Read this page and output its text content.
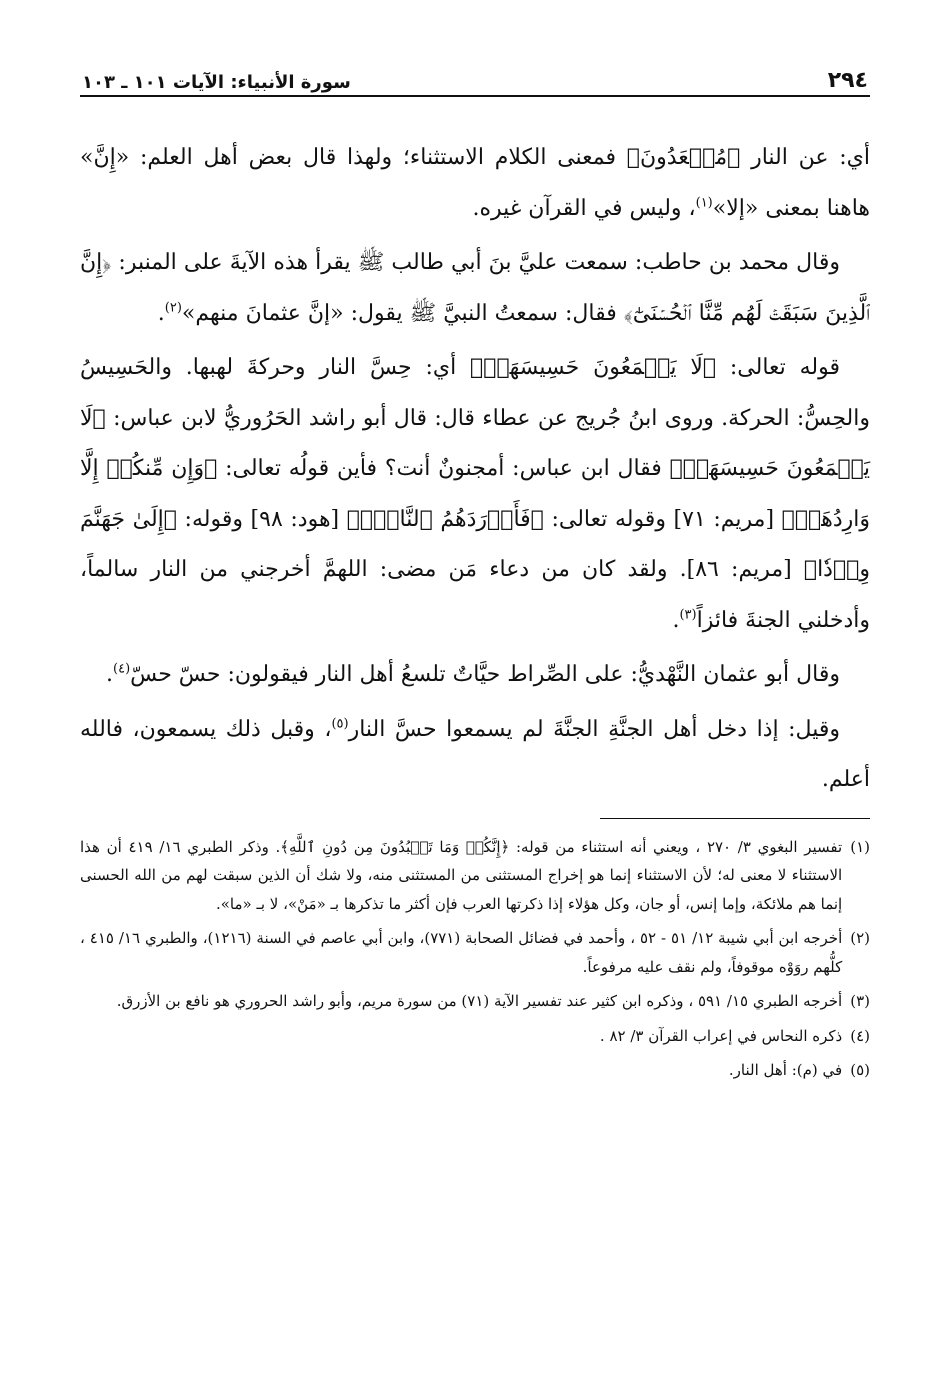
٢٩٤
سورة الأنبياء: الآيات ١٠١ ـ ١٠٣

أي: عن النار ﴿مُبۡعَدُونَ﴾ فمعنى الكلام الاستثناء؛ ولهذا قال بعض أهل العلم: «إِنَّ» هاهنا بمعنى «إلا»$^{(١)}$، وليس في القرآن غيره.

وقال محمد بن حاطب: سمعت عليَّ بنَ أبي طالب ﷺ يقرأ هذه الآيةَ على المنبر: ﴿إِنَّ ٱلَّذِينَ سَبَقَتۡ لَهُم مِّنَّا ٱلۡحُسۡنَىٰٓ﴾ فقال: سمعتُ النبيَّ ﷺ يقول: «إنَّ عثمانَ منهم»$^{(٢)}$.

قوله تعالى: ﴿لَا يَسۡمَعُونَ حَسِيسَهَاۖ﴾ أي: حِسَّ النار وحركةَ لهبها. والحَسِيسُ والحِسُّ: الحركة. وروى ابنُ جُريج عن عطاء قال: قال أبو راشد الحَرُوريُّ لابن عباس: ﴿لَا يَسۡمَعُونَ حَسِيسَهَاۖ﴾ فقال ابن عباس: أمجنونٌ أنت؟ فأين قولُه تعالى: ﴿وَإِن مِّنكُمۡ إِلَّا وَارِدُهَاۚ﴾ [مريم: ٧١] وقوله تعالى: ﴿فَأَوۡرَدَهُمُ ٱلنَّارَۖ﴾ [هود: ٩٨] وقوله: ﴿إِلَىٰ جَهَنَّمَ وِرۡدٗا﴾ [مريم: ٨٦]. ولقد كان من دعاء مَن مضى: اللهمَّ أخرجني من النار سالماً، وأدخلني الجنةَ فائزاً$^{(٣)}$.

وقال أبو عثمان النَّهْديُّ: على الصِّراط حيَّاتٌ تلسعُ أهل النار فيقولون: حسّ حسّ$^{(٤)}$.

وقيل: إذا دخل أهل الجنَّةِ الجنَّةَ لم يسمعوا حسَّ النار$^{(٥)}$، وقبل ذلك يسمعون، فالله أعلم.

(١)
تفسير البغوي ٣/ ٢٧٠ ، ويعني أنه استثناء من قوله: ﴿إِنَّكُمۡ وَمَا تَعۡبُدُونَ مِن دُونِ ٱللَّهِ﴾. وذكر الطبري ١٦/ ٤١٩ أن هذا الاستثناء لا معنى له؛ لأن الاستثناء إنما هو إخراج المستثنى من المستثنى منه، ولا شك أن الذين سبقت لهم من الله الحسنى إنما هم ملائكة، وإما إنس، أو جان، وكل هؤلاء إذا ذكرتها العرب فإن أكثر ما تذكرها بـ «مَنْ»، لا بـ «ما».
(٢)
أخرجه ابن أبي شيبة ١٢/ ٥١ - ٥٢ ، وأحمد في فضائل الصحابة (٧٧١)، وابن أبي عاصم في السنة (١٢١٦)، والطبري ١٦/ ٤١٥ ، كلُّهم روَوْه موقوفاً، ولم نقف عليه مرفوعاً.
(٣)
أخرجه الطبري ١٥/ ٥٩١ ، وذكره ابن كثير عند تفسير الآية (٧١) من سورة مريم، وأبو راشد الحروري هو نافع بن الأزرق.
(٤)
ذكره النحاس في إعراب القرآن ٣/ ٨٢ .
(٥)
في (م): أهل النار.
